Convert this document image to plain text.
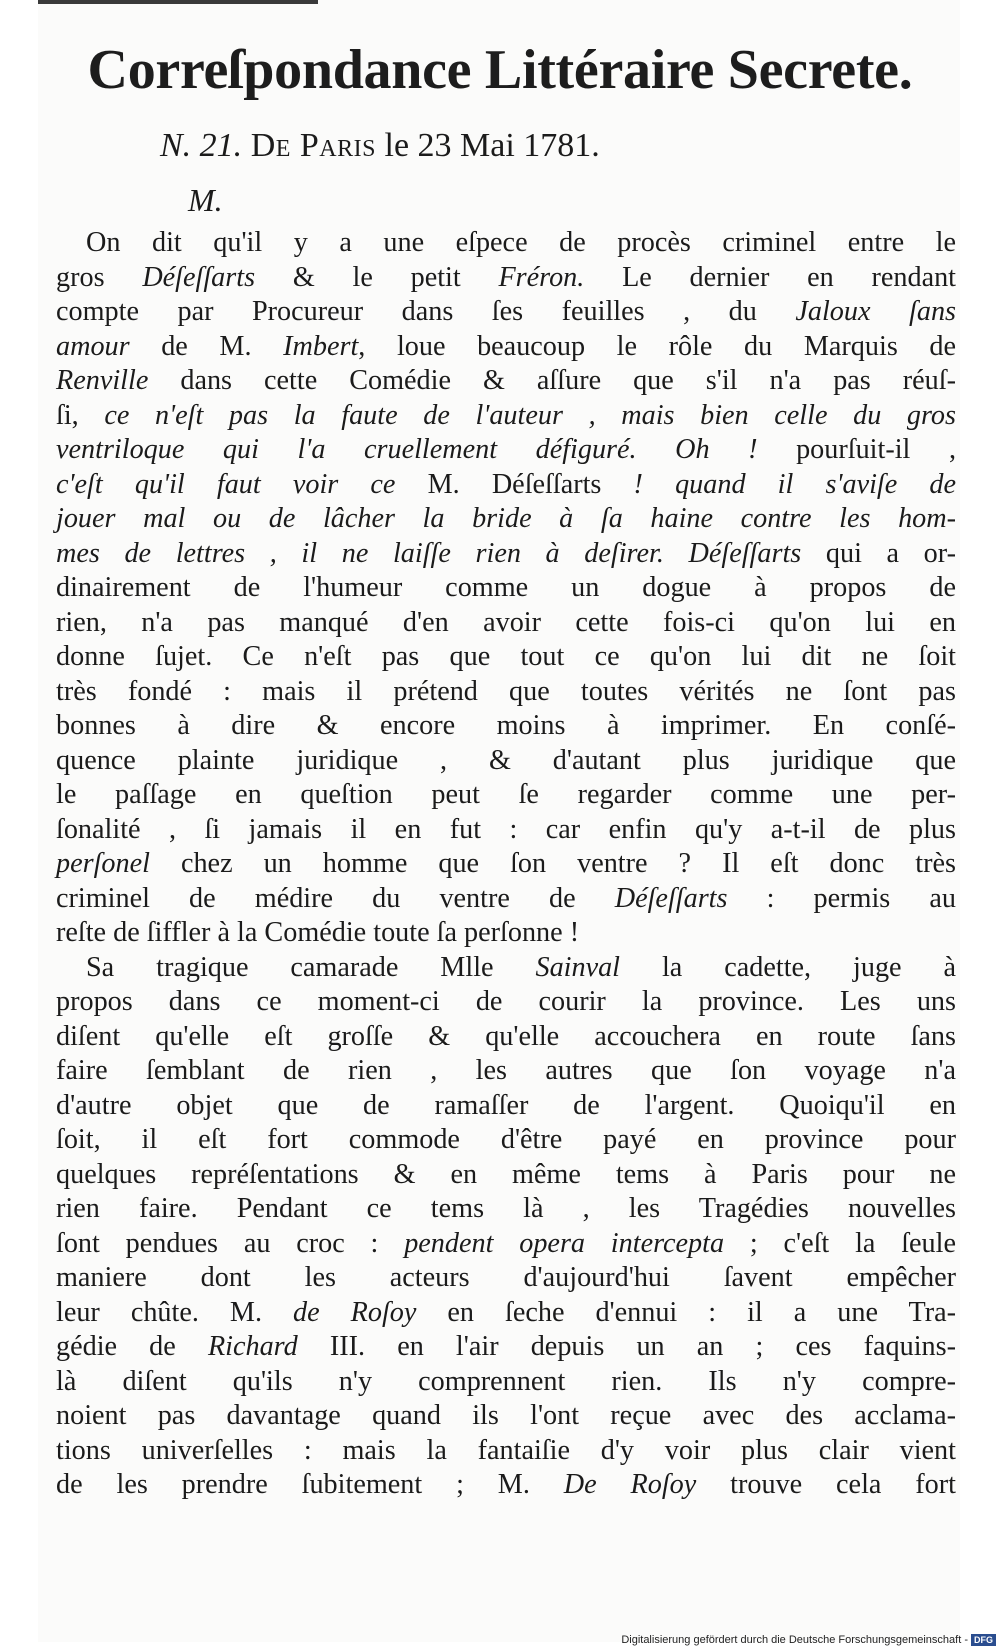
Correſpondance Littéraire Secrete.
N. 21. De Paris le 23 Mai 1781.
M.
On dit qu'il y a une eſpece de procès criminel entre le
gros Déſeſſarts & le petit Fréron. Le dernier en rendant
compte par Procureur dans ſes feuilles , du Jaloux ſans
amour de M. Imbert, loue beaucoup le rôle du Marquis de
Renville dans cette Comédie & aſſure que s'il n'a pas réuſ-
ſi, ce n'eſt pas la faute de l'auteur , mais bien celle du gros
ventriloque qui l'a cruellement défiguré. Oh ! pourſuit-il ,
c'eſt qu'il faut voir ce M. Déſeſſarts ! quand il s'aviſe de
jouer mal ou de lâcher la bride à ſa haine contre les hom-
mes de lettres , il ne laiſſe rien à deſirer. Déſeſſarts qui a or-
dinairement de l'humeur comme un dogue à propos de
rien, n'a pas manqué d'en avoir cette fois-ci qu'on lui en
donne ſujet. Ce n'eſt pas que tout ce qu'on lui dit ne ſoit
très fondé : mais il prétend que toutes vérités ne ſont pas
bonnes à dire & encore moins à imprimer. En conſé-
quence plainte juridique , & d'autant plus juridique que
le paſſage en queſtion peut ſe regarder comme une per-
ſonalité , ſi jamais il en fut : car enfin qu'y a-t-il de plus
perſonel chez un homme que ſon ventre ? Il eſt donc très
criminel de médire du ventre de Déſeſſarts : permis au
reſte de ſiffler à la Comédie toute ſa perſonne !
Sa tragique camarade Mlle Sainval la cadette, juge à
propos dans ce moment-ci de courir la province. Les uns
diſent qu'elle eſt groſſe & qu'elle accouchera en route ſans
faire ſemblant de rien , les autres que ſon voyage n'a
d'autre objet que de ramaſſer de l'argent. Quoiqu'il en
ſoit, il eſt fort commode d'être payé en province pour
quelques repréſentations & en même tems à Paris pour ne
rien faire. Pendant ce tems là , les Tragédies nouvelles
ſont pendues au croc : pendent opera intercepta ; c'eſt la ſeule
maniere dont les acteurs d'aujourd'hui ſavent empêcher
leur chûte. M. de Roſoy en ſeche d'ennui : il a une Tra-
gédie de Richard III. en l'air depuis un an ; ces faquins-
là diſent qu'ils n'y comprennent rien. Ils n'y compre-
noient pas davantage quand ils l'ont reçue avec des acclama-
tions univerſelles : mais la fantaiſie d'y voir plus clair vient
de les prendre ſubitement ; M. De Roſoy trouve cela fort
Digitalisierung gefördert durch die Deutsche Forschungsgemeinschaft - DFG
